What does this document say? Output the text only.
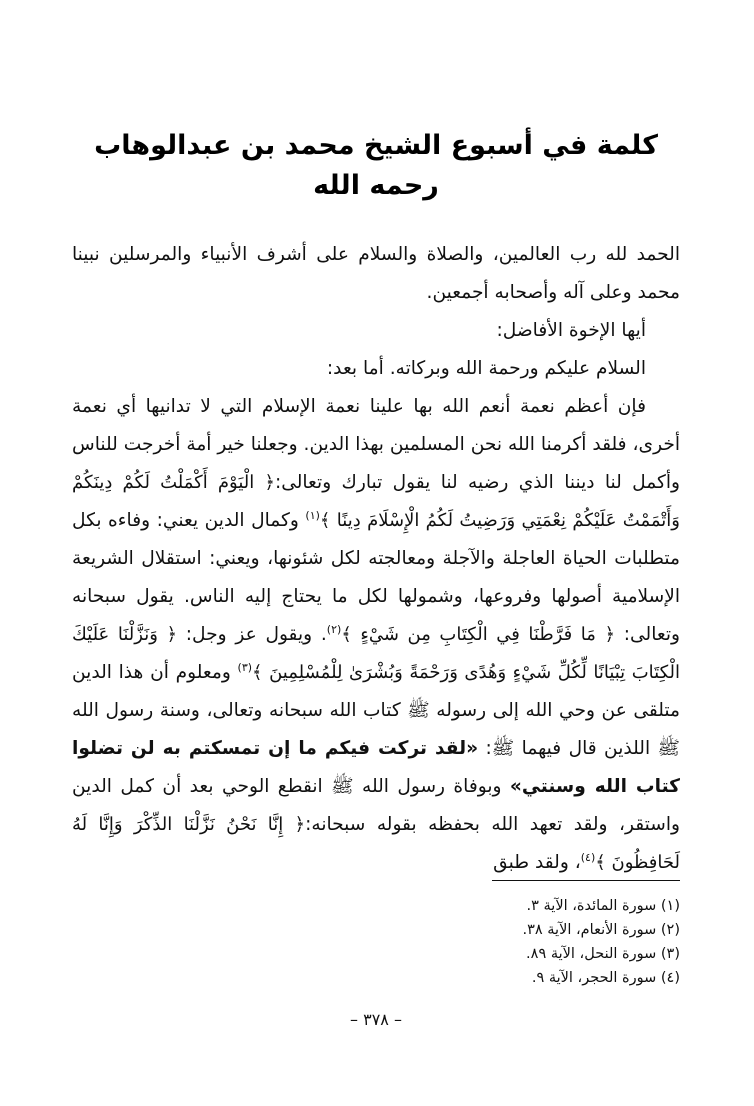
كلمة في أسبوع الشيخ محمد بن عبدالوهاب رحمه الله

الحمد لله رب العالمين، والصلاة والسلام على أشرف الأنبياء والمرسلين نبينا محمد وعلى آله وأصحابه أجمعين.

أيها الإخوة الأفاضل:

السلام عليكم ورحمة الله وبركاته. أما بعد:

فإن أعظم نعمة أنعم الله بها علينا نعمة الإسلام التي لا تدانيها أي نعمة أخرى، فلقد أكرمنا الله نحن المسلمين بهذا الدين. وجعلنا خير أمة أخرجت للناس وأكمل لنا ديننا الذي رضيه لنا يقول تبارك وتعالى:﴿ الْيَوْمَ أَكْمَلْتُ لَكُمْ دِينَكُمْ وَأَتْمَمْتُ عَلَيْكُمْ نِعْمَتِي وَرَضِيتُ لَكُمُ الْإِسْلَامَ دِينًا ﴾$^{(١)}$ وكمال الدين يعني: وفاءه بكل متطلبات الحياة العاجلة والآجلة ومعالجته لكل شئونها، ويعني: استقلال الشريعة الإسلامية أصولها وفروعها، وشمولها لكل ما يحتاج إليه الناس. يقول سبحانه وتعالى: ﴿ مَا فَرَّطْنَا فِي الْكِتَابِ مِن شَيْءٍ ﴾$^{(٢)}$. ويقول عز وجل: ﴿ وَنَزَّلْنَا عَلَيْكَ الْكِتَابَ تِبْيَانًا لِّكُلِّ شَيْءٍ وَهُدًى وَرَحْمَةً وَبُشْرَىٰ لِلْمُسْلِمِينَ ﴾$^{(٣)}$ ومعلوم أن هذا الدين متلقى عن وحي الله إلى رسوله ﷺ كتاب الله سبحانه وتعالى، وسنة رسول الله ﷺ اللذين قال فيهما ﷺ: «لقد تركت فيكم ما إن تمسكتم به لن تضلوا كتاب الله وسنتي» وبوفاة رسول الله ﷺ انقطع الوحي بعد أن كمل الدين واستقر، ولقد تعهد الله بحفظه بقوله سبحانه:﴿ إِنَّا نَحْنُ نَزَّلْنَا الذِّكْرَ وَإِنَّا لَهُ لَحَافِظُونَ ﴾$^{(٤)}$، ولقد طبق

(١) سورة المائدة، الآية ٣.
(٢) سورة الأنعام، الآية ٣٨.
(٣) سورة النحل، الآية ٨٩.
(٤) سورة الحجر، الآية ٩.
– ٣٧٨ –
